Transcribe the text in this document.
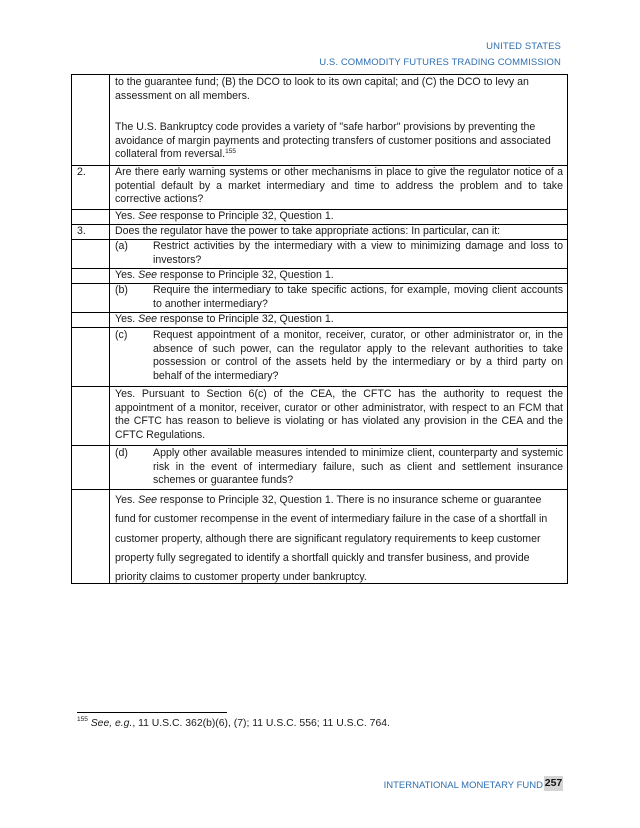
UNITED STATES
U.S. COMMODITY FUTURES TRADING COMMISSION
to the guarantee fund; (B) the DCO to look to its own capital; and (C) the DCO to levy an assessment on all members.
The U.S. Bankruptcy code provides a variety of "safe harbor" provisions by preventing the avoidance of margin payments and protecting transfers of customer positions and associated collateral from reversal.$^{155}$
2.	Are there early warning systems or other mechanisms in place to give the regulator notice of a potential default by a market intermediary and time to address the problem and to take corrective actions?
Yes. See response to Principle 32, Question 1.
3.	Does the regulator have the power to take appropriate actions: In particular, can it:
(a) Restrict activities by the intermediary with a view to minimizing damage and loss to investors?
Yes. See response to Principle 32, Question 1.
(b) Require the intermediary to take specific actions, for example, moving client accounts to another intermediary?
Yes. See response to Principle 32, Question 1.
(c) Request appointment of a monitor, receiver, curator, or other administrator or, in the absence of such power, can the regulator apply to the relevant authorities to take possession or control of the assets held by the intermediary or by a third party on behalf of the intermediary?
Yes. Pursuant to Section 6(c) of the CEA, the CFTC has the authority to request the appointment of a monitor, receiver, curator or other administrator, with respect to an FCM that the CFTC has reason to believe is violating or has violated any provision in the CEA and the CFTC Regulations.
(d) Apply other available measures intended to minimize client, counterparty and systemic risk in the event of intermediary failure, such as client and settlement insurance schemes or guarantee funds?
Yes. See response to Principle 32, Question 1. There is no insurance scheme or guarantee fund for customer recompense in the event of intermediary failure in the case of a shortfall in customer property, although there are significant regulatory requirements to keep customer property fully segregated to identify a shortfall quickly and transfer business, and provide priority claims to customer property under bankruptcy.
$^{155}$ See, e.g., 11 U.S.C. 362(b)(6), (7); 11 U.S.C. 556; 11 U.S.C. 764.
INTERNATIONAL MONETARY FUND 257
